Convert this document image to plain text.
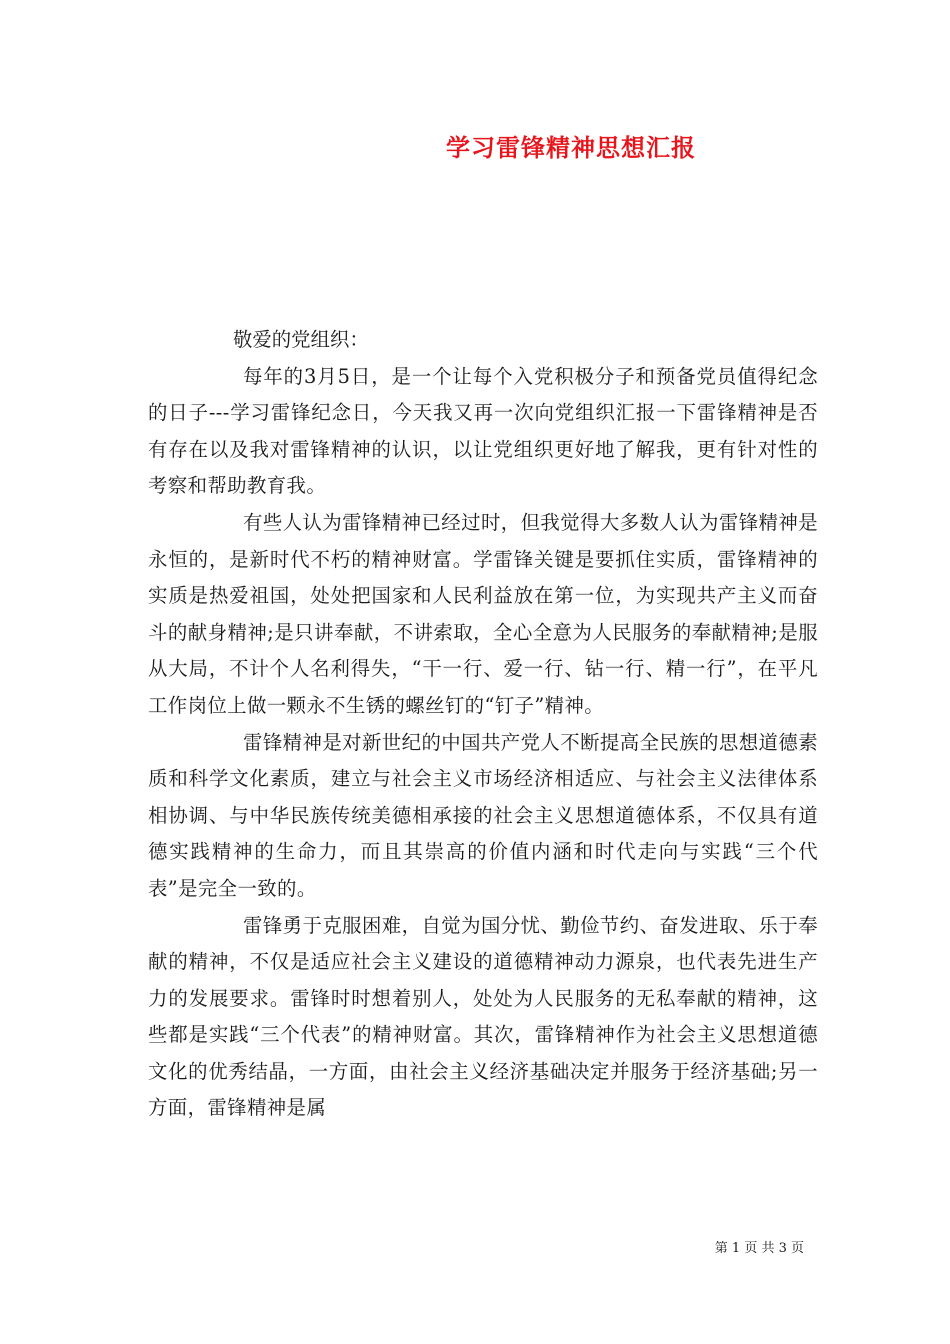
学习雷锋精神思想汇报

敬爱的党组织：

每年的3月5日，是一个让每个入党积极分子和预备党员值得纪念的日子---学习雷锋纪念日，今天我又再一次向党组织汇报一下雷锋精神是否有存在以及我对雷锋精神的认识，以让党组织更好地了解我，更有针对性的考察和帮助教育我。

有些人认为雷锋精神已经过时，但我觉得大多数人认为雷锋精神是永恒的，是新时代不朽的精神财富。学雷锋关键是要抓住实质，雷锋精神的实质是热爱祖国，处处把国家和人民利益放在第一位，为实现共产主义而奋斗的献身精神;是只讲奉献，不讲索取，全心全意为人民服务的奉献精神;是服从大局，不计个人名利得失，“干一行、爱一行、钻一行、精一行”，在平凡工作岗位上做一颗永不生锈的螺丝钉的“钉子”精神。

雷锋精神是对新世纪的中国共产党人不断提高全民族的思想道德素质和科学文化素质，建立与社会主义市场经济相适应、与社会主义法律体系相协调、与中华民族传统美德相承接的社会主义思想道德体系，不仅具有道德实践精神的生命力，而且其崇高的价值内涵和时代走向与实践“三个代表”是完全一致的。

雷锋勇于克服困难，自觉为国分忧、勤俭节约、奋发进取、乐于奉献的精神，不仅是适应社会主义建设的道德精神动力源泉，也代表先进生产力的发展要求。雷锋时时想着别人，处处为人民服务的无私奉献的精神，这些都是实践“三个代表”的精神财富。其次，雷锋精神作为社会主义思想道德文化的优秀结晶，一方面，由社会主义经济基础决定并服务于经济基础;另一方面，雷锋精神是属

第 1 页 共 3 页
